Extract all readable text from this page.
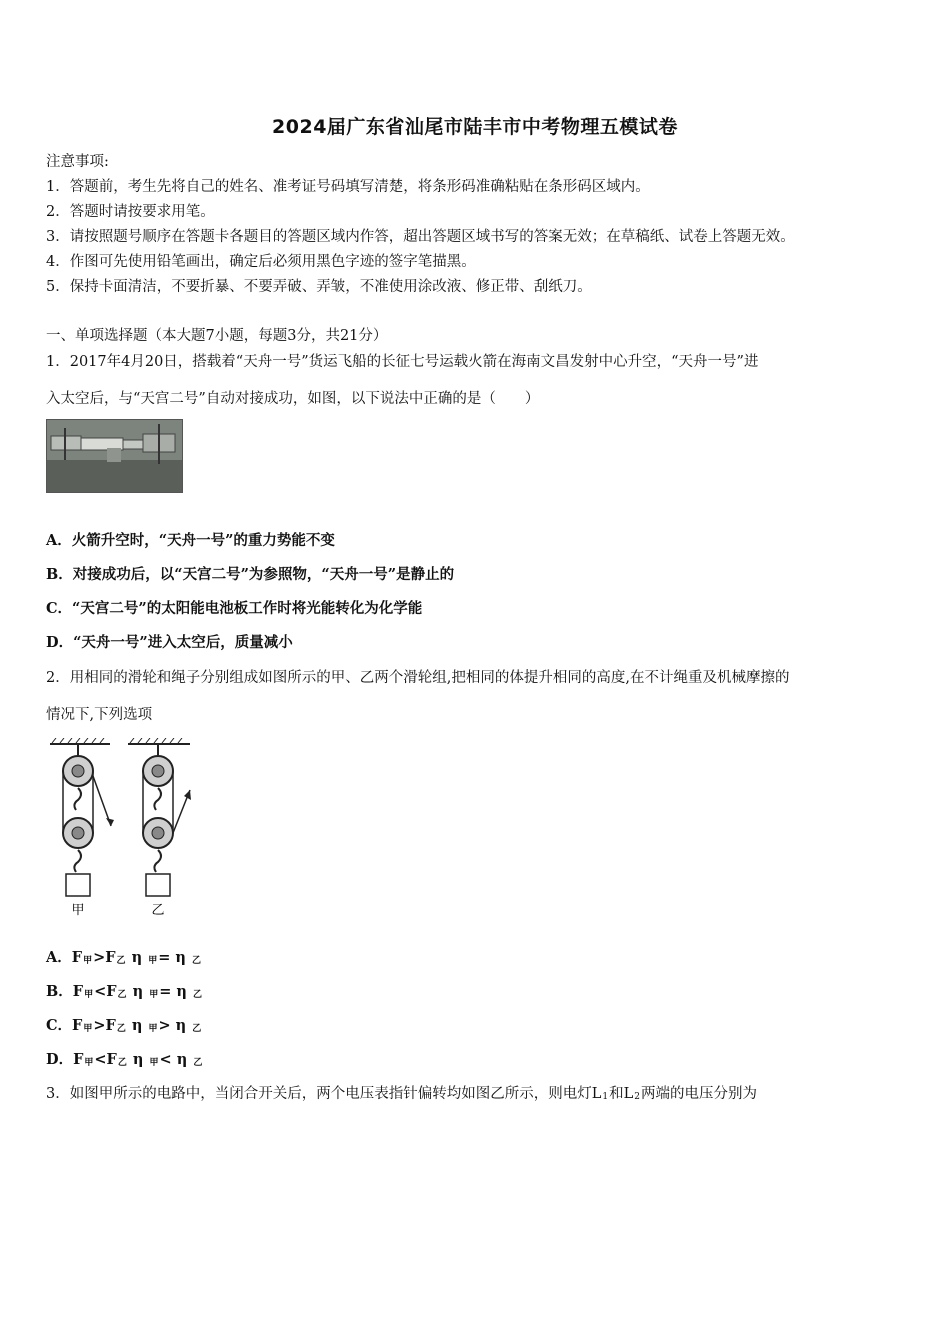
2024届广东省汕尾市陆丰市中考物理五模试卷
注意事项:
1．答题前，考生先将自己的姓名、准考证号码填写清楚，将条形码准确粘贴在条形码区域内。
2．答题时请按要求用笔。
3．请按照题号顺序在答题卡各题目的答题区域内作答，超出答题区域书写的答案无效；在草稿纸、试卷上答题无效。
4．作图可先使用铅笔画出，确定后必须用黑色字迹的签字笔描黑。
5．保持卡面清洁，不要折暴、不要弄破、弄皱，不准使用涂改液、修正带、刮纸刀。
一、单项选择题（本大题7小题，每题3分，共21分）
1．2017年4月20日，搭载着“天舟一号”货运飞船的长征七号运载火箭在海南文昌发射中心升空，“天舟一号”进
入太空后，与“天宫二号”自动对接成功，如图，以下说法中正确的是（　　）
A．火箭升空时，“天舟一号”的重力势能不变
B．对接成功后，以“天宫二号”为参照物，“天舟一号”是静止的
C．“天宫二号”的太阳能电池板工作时将光能转化为化学能
D．“天舟一号”进入太空后，质量减小
2．用相同的滑轮和绳子分别组成如图所示的甲、乙两个滑轮组,把相同的体提升相同的高度,在不计绳重及机械摩擦的
情况下,下列选项
甲	乙
A．F甲>F乙 η 甲= η 乙
B．F甲<F乙 η 甲= η 乙
C．F甲>F乙 η 甲> η 乙
D．F甲<F乙 η 甲< η 乙
3．如图甲所示的电路中，当闭合开关后，两个电压表指针偏转均如图乙所示，则电灯L1和L2两端的电压分别为
